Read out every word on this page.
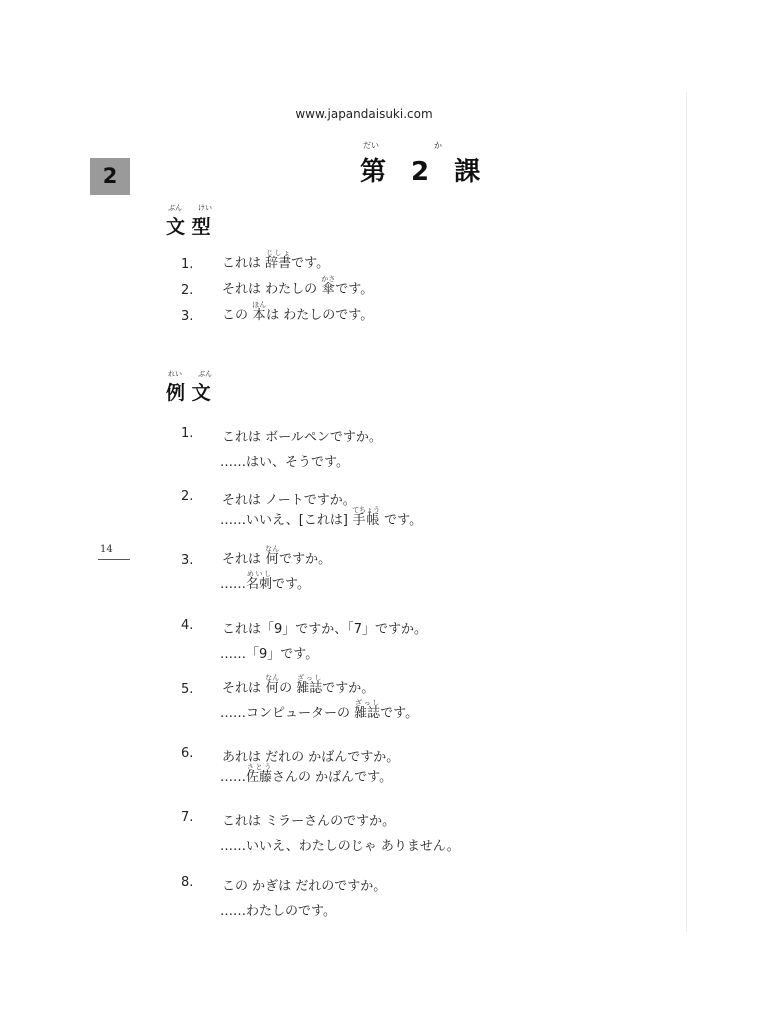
www.japandaisuki.com
2
だい	か
第 2 課
ぶん けい
文 型
1. これは 辞書じしょです。
2. それは わたしの 傘かさです。
3. この 本ほんは わたしのです。
れい ぶん
例 文
1. これは ボールペンですか。
……はい、そうです。
2. それは ノートですか。
……いいえ、[これは] 手帳てちょう です。
3. それは 何なんですか。
……名刺めいしです。
4. これは「9」ですか、「7」ですか。
……「9」です。
5. それは 何なんの 雑誌ざっしですか。
……コンピューターの 雑誌ざっしです。
6. あれは だれの かばんですか。
……佐藤さとうさんの かばんです。
7. これは ミラーさんのですか。
……いいえ、わたしのじゃ ありません。
8. この かぎは だれのですか。
……わたしのです。
14
